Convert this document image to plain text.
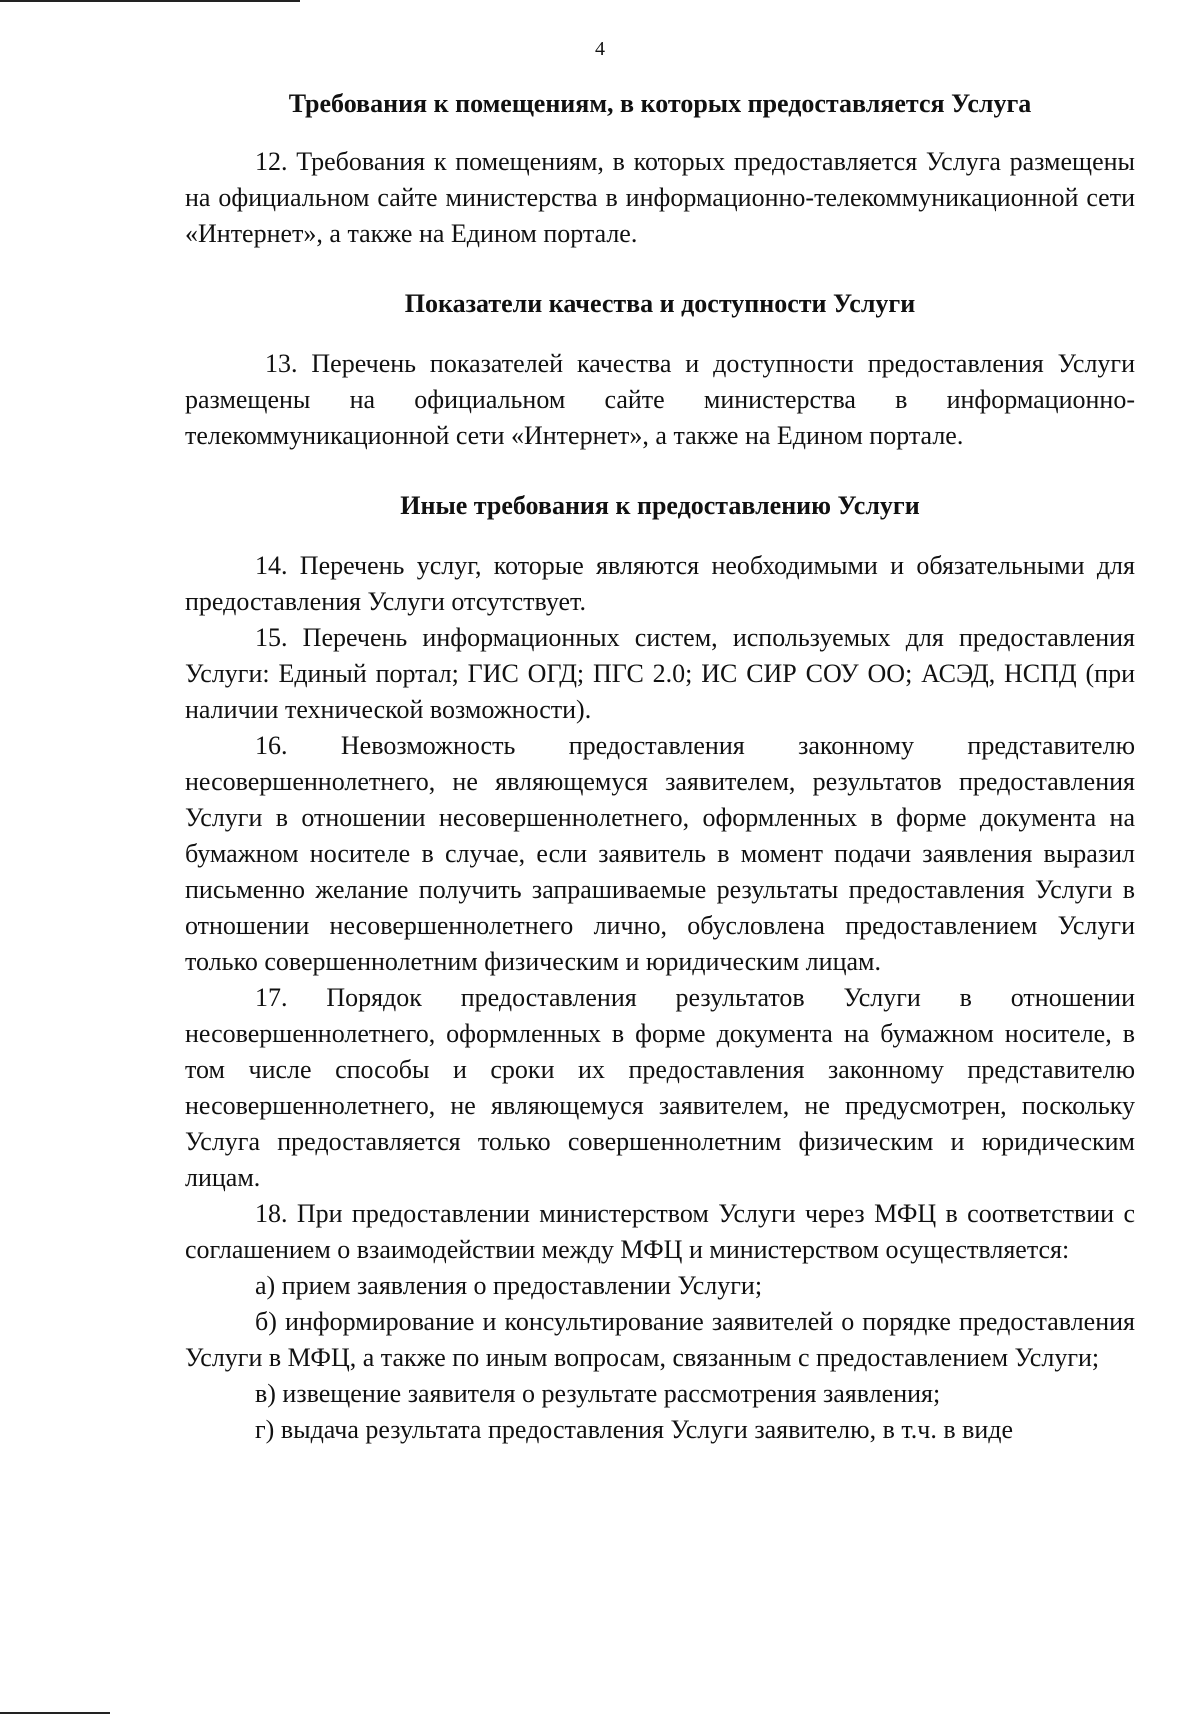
4
Требования к помещениям, в которых предоставляется Услуга

12. Требования к помещениям, в которых предоставляется Услуга размещены на официальном сайте министерства в информационно-телекоммуникационной сети «Интернет», а также на Едином портале.

Показатели качества и доступности Услуги

13. Перечень показателей качества и доступности предоставления Услуги размещены на официальном сайте министерства в информационно-телекоммуникационной сети «Интернет», а также на Едином портале.

Иные требования к предоставлению Услуги

14. Перечень услуг, которые являются необходимыми и обязательными для предоставления Услуги отсутствует.

15. Перечень информационных систем, используемых для предоставления Услуги: Единый портал; ГИС ОГД; ПГС 2.0; ИС СИР СОУ ОО; АСЭД, НСПД (при наличии технической возможности).

16. Невозможность предоставления законному представителю несовершеннолетнего, не являющемуся заявителем, результатов предоставления Услуги в отношении несовершеннолетнего, оформленных в форме документа на бумажном носителе в случае, если заявитель в момент подачи заявления выразил письменно желание получить запрашиваемые результаты предоставления Услуги в отношении несовершеннолетнего лично, обусловлена предоставлением Услуги только совершеннолетним физическим и юридическим лицам.

17. Порядок предоставления результатов Услуги в отношении несовершеннолетнего, оформленных в форме документа на бумажном носителе, в том числе способы и сроки их предоставления законному представителю несовершеннолетнего, не являющемуся заявителем, не предусмотрен, поскольку Услуга предоставляется только совершеннолетним физическим и юридическим лицам.

18. При предоставлении министерством Услуги через МФЦ в соответствии с соглашением о взаимодействии между МФЦ и министерством осуществляется:

а) прием заявления о предоставлении Услуги;

б) информирование и консультирование заявителей о порядке предоставления Услуги в МФЦ, а также по иным вопросам, связанным с предоставлением Услуги;

в) извещение заявителя о результате рассмотрения заявления;

г) выдача результата предоставления Услуги заявителю, в т.ч. в виде
